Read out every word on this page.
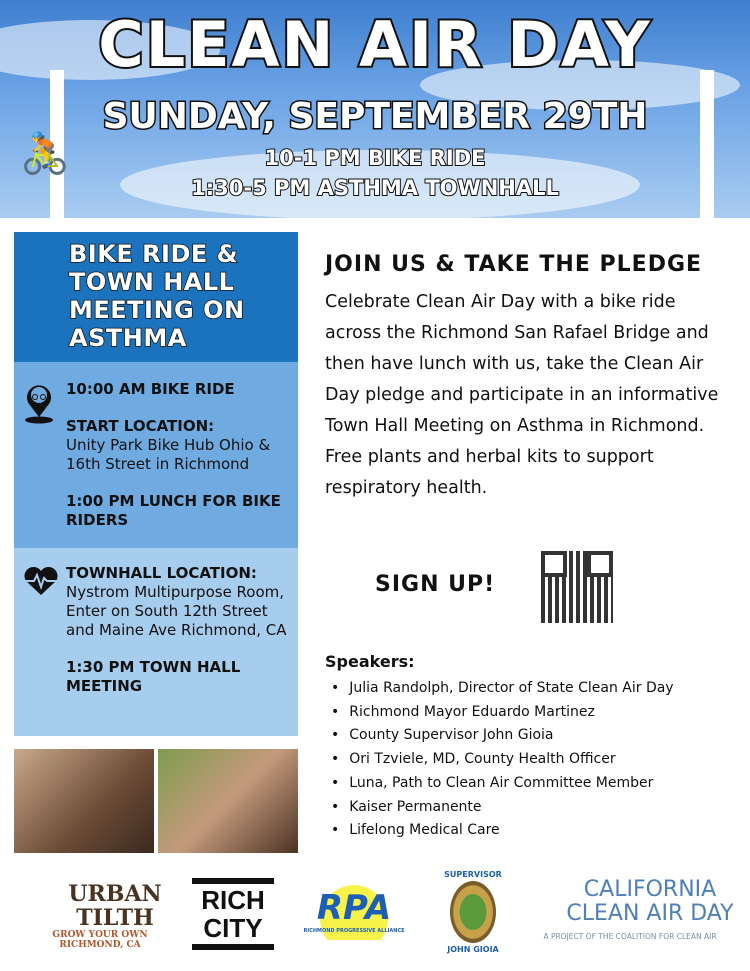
🚴
CLEAN AIR DAY
SUNDAY, SEPTEMBER 29TH
10-1 PM BIKE RIDE
1:30-5 PM ASTHMA TOWNHALL
BIKE RIDE & TOWN HALL MEETING ON ASTHMA
10:00 AM BIKE RIDE
START LOCATION:
Unity Park Bike Hub Ohio & 16th Street in Richmond
1:00 PM LUNCH FOR BIKE RIDERS
TOWNHALL LOCATION:
Nystrom Multipurpose Room, Enter on South 12th Street and Maine Ave Richmond, CA
1:30 PM TOWN HALL MEETING
JOIN US & TAKE THE PLEDGE

Celebrate Clean Air Day with a bike ride across the Richmond San Rafael Bridge and then have lunch with us, take the Clean Air Day pledge and participate in an informative Town Hall Meeting on Asthma in Richmond. Free plants and herbal kits to support respiratory health.

SIGN UP!
Speakers:
• Julia Randolph, Director of State Clean Air Day
• Richmond Mayor Eduardo Martinez
• County Supervisor John Gioia
• Ori Tzviele, MD, County Health Officer
• Luna, Path to Clean Air Committee Member
• Kaiser Permanente
• Lifelong Medical Care
URBAN TILTH
GROW YOUR OWN RICHMOND, CA
RICH CITY	RPA
RICHMOND PROGRESSIVE ALLIANCE
SUPERVISOR
JOHN GIOIA
CALIFORNIA CLEAN AIR DAY
A PROJECT OF THE COALITION FOR CLEAN AIR
